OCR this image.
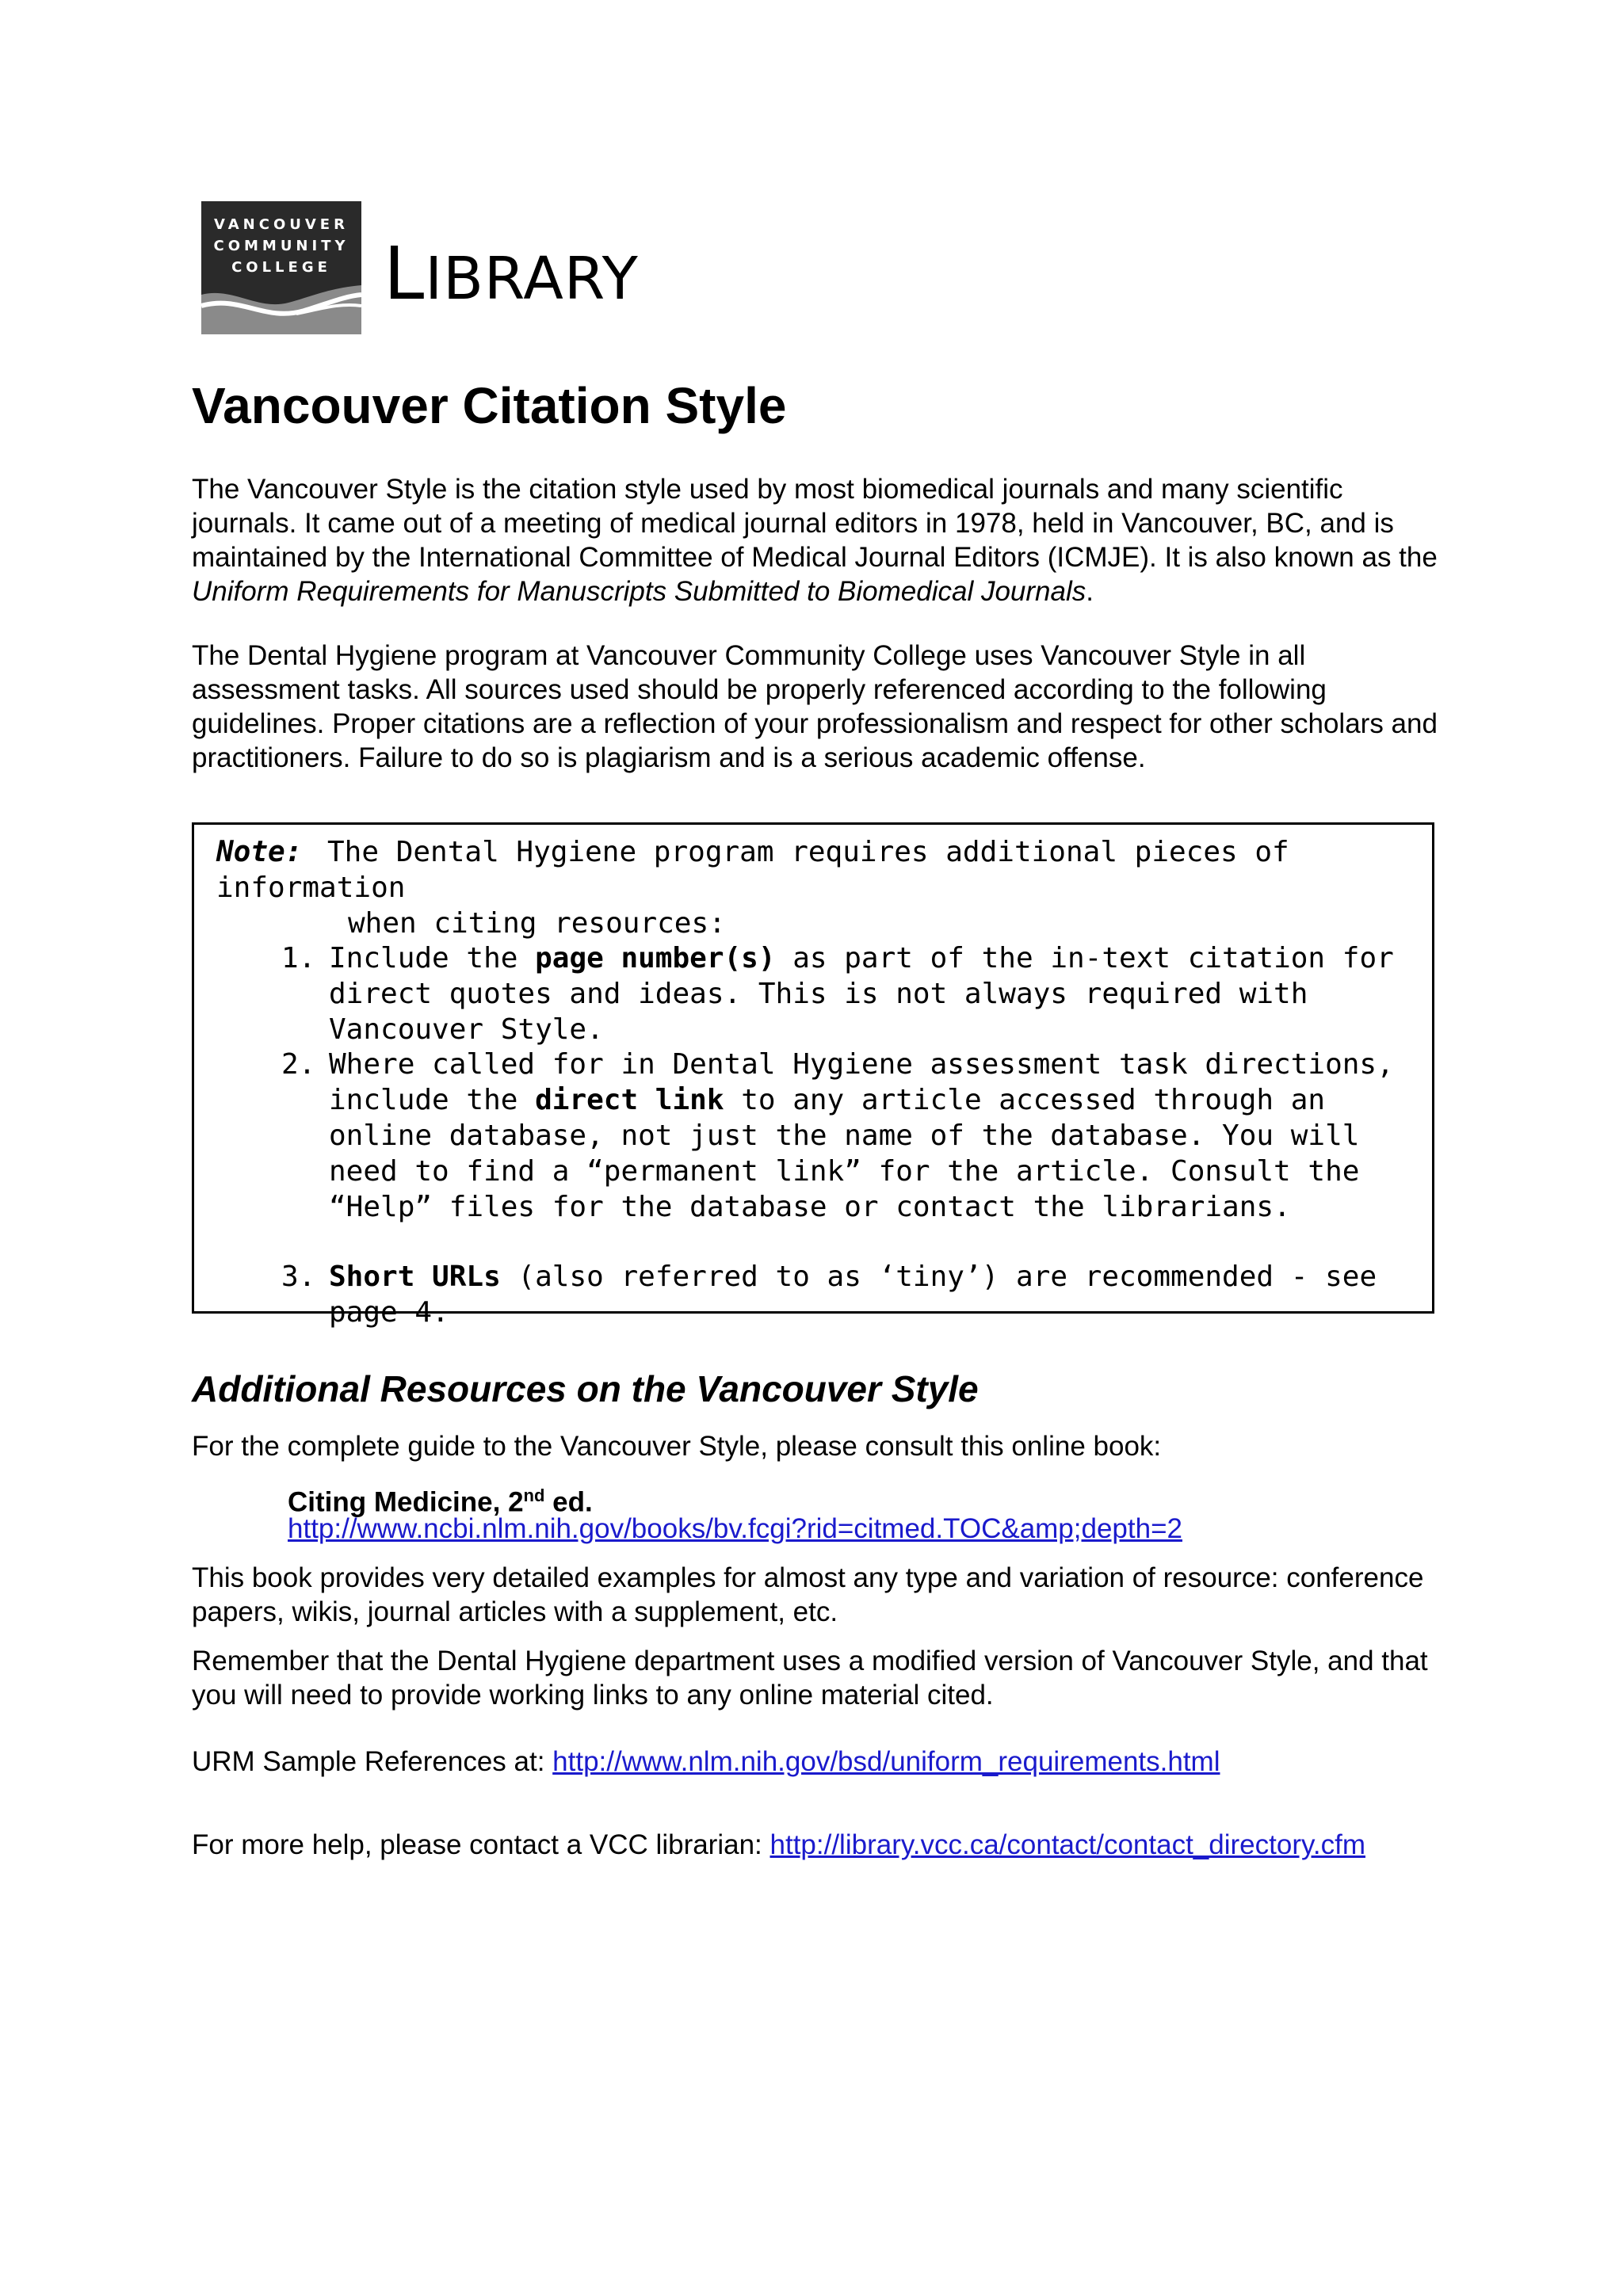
VANCOUVER
COMMUNITY
COLLEGE LIBRARY
Vancouver Citation Style

The Vancouver Style is the citation style used by most biomedical journals and many scientific journals. It came out of a meeting of medical journal editors in 1978, held in Vancouver, BC, and is maintained by the International Committee of Medical Journal Editors (ICMJE). It is also known as the Uniform Requirements for Manuscripts Submitted to Biomedical Journals.

The Dental Hygiene program at Vancouver Community College uses Vancouver Style in all assessment tasks. All sources used should be properly referenced according to the following guidelines. Proper citations are a reflection of your professionalism and respect for other scholars and practitioners. Failure to do so is plagiarism and is a serious academic offense.

Note: The Dental Hygiene program requires additional pieces of information
when citing resources:
1. Include the page number(s) as part of the in-text citation for direct quotes and ideas. This is not always required with Vancouver Style.
2. Where called for in Dental Hygiene assessment task directions, include the direct link to any article accessed through an online database, not just the name of the database. You will need to find a “permanent link” for the article. Consult the “Help” files for the database or contact the librarians.
3. Short URLs (also referred to as ‘tiny’) are recommended - see page 4.
Additional Resources on the Vancouver Style

For the complete guide to the Vancouver Style, please consult this online book:

Citing Medicine, 2nd ed.
http://www.ncbi.nlm.nih.gov/books/bv.fcgi?rid=citmed.TOC&amp;depth=2

This book provides very detailed examples for almost any type and variation of resource: conference papers, wikis, journal articles with a supplement, etc.

Remember that the Dental Hygiene department uses a modified version of Vancouver Style, and that you will need to provide working links to any online material cited.

URM Sample References at: http://www.nlm.nih.gov/bsd/uniform_requirements.html

For more help, please contact a VCC librarian: http://library.vcc.ca/contact/contact_directory.cfm
